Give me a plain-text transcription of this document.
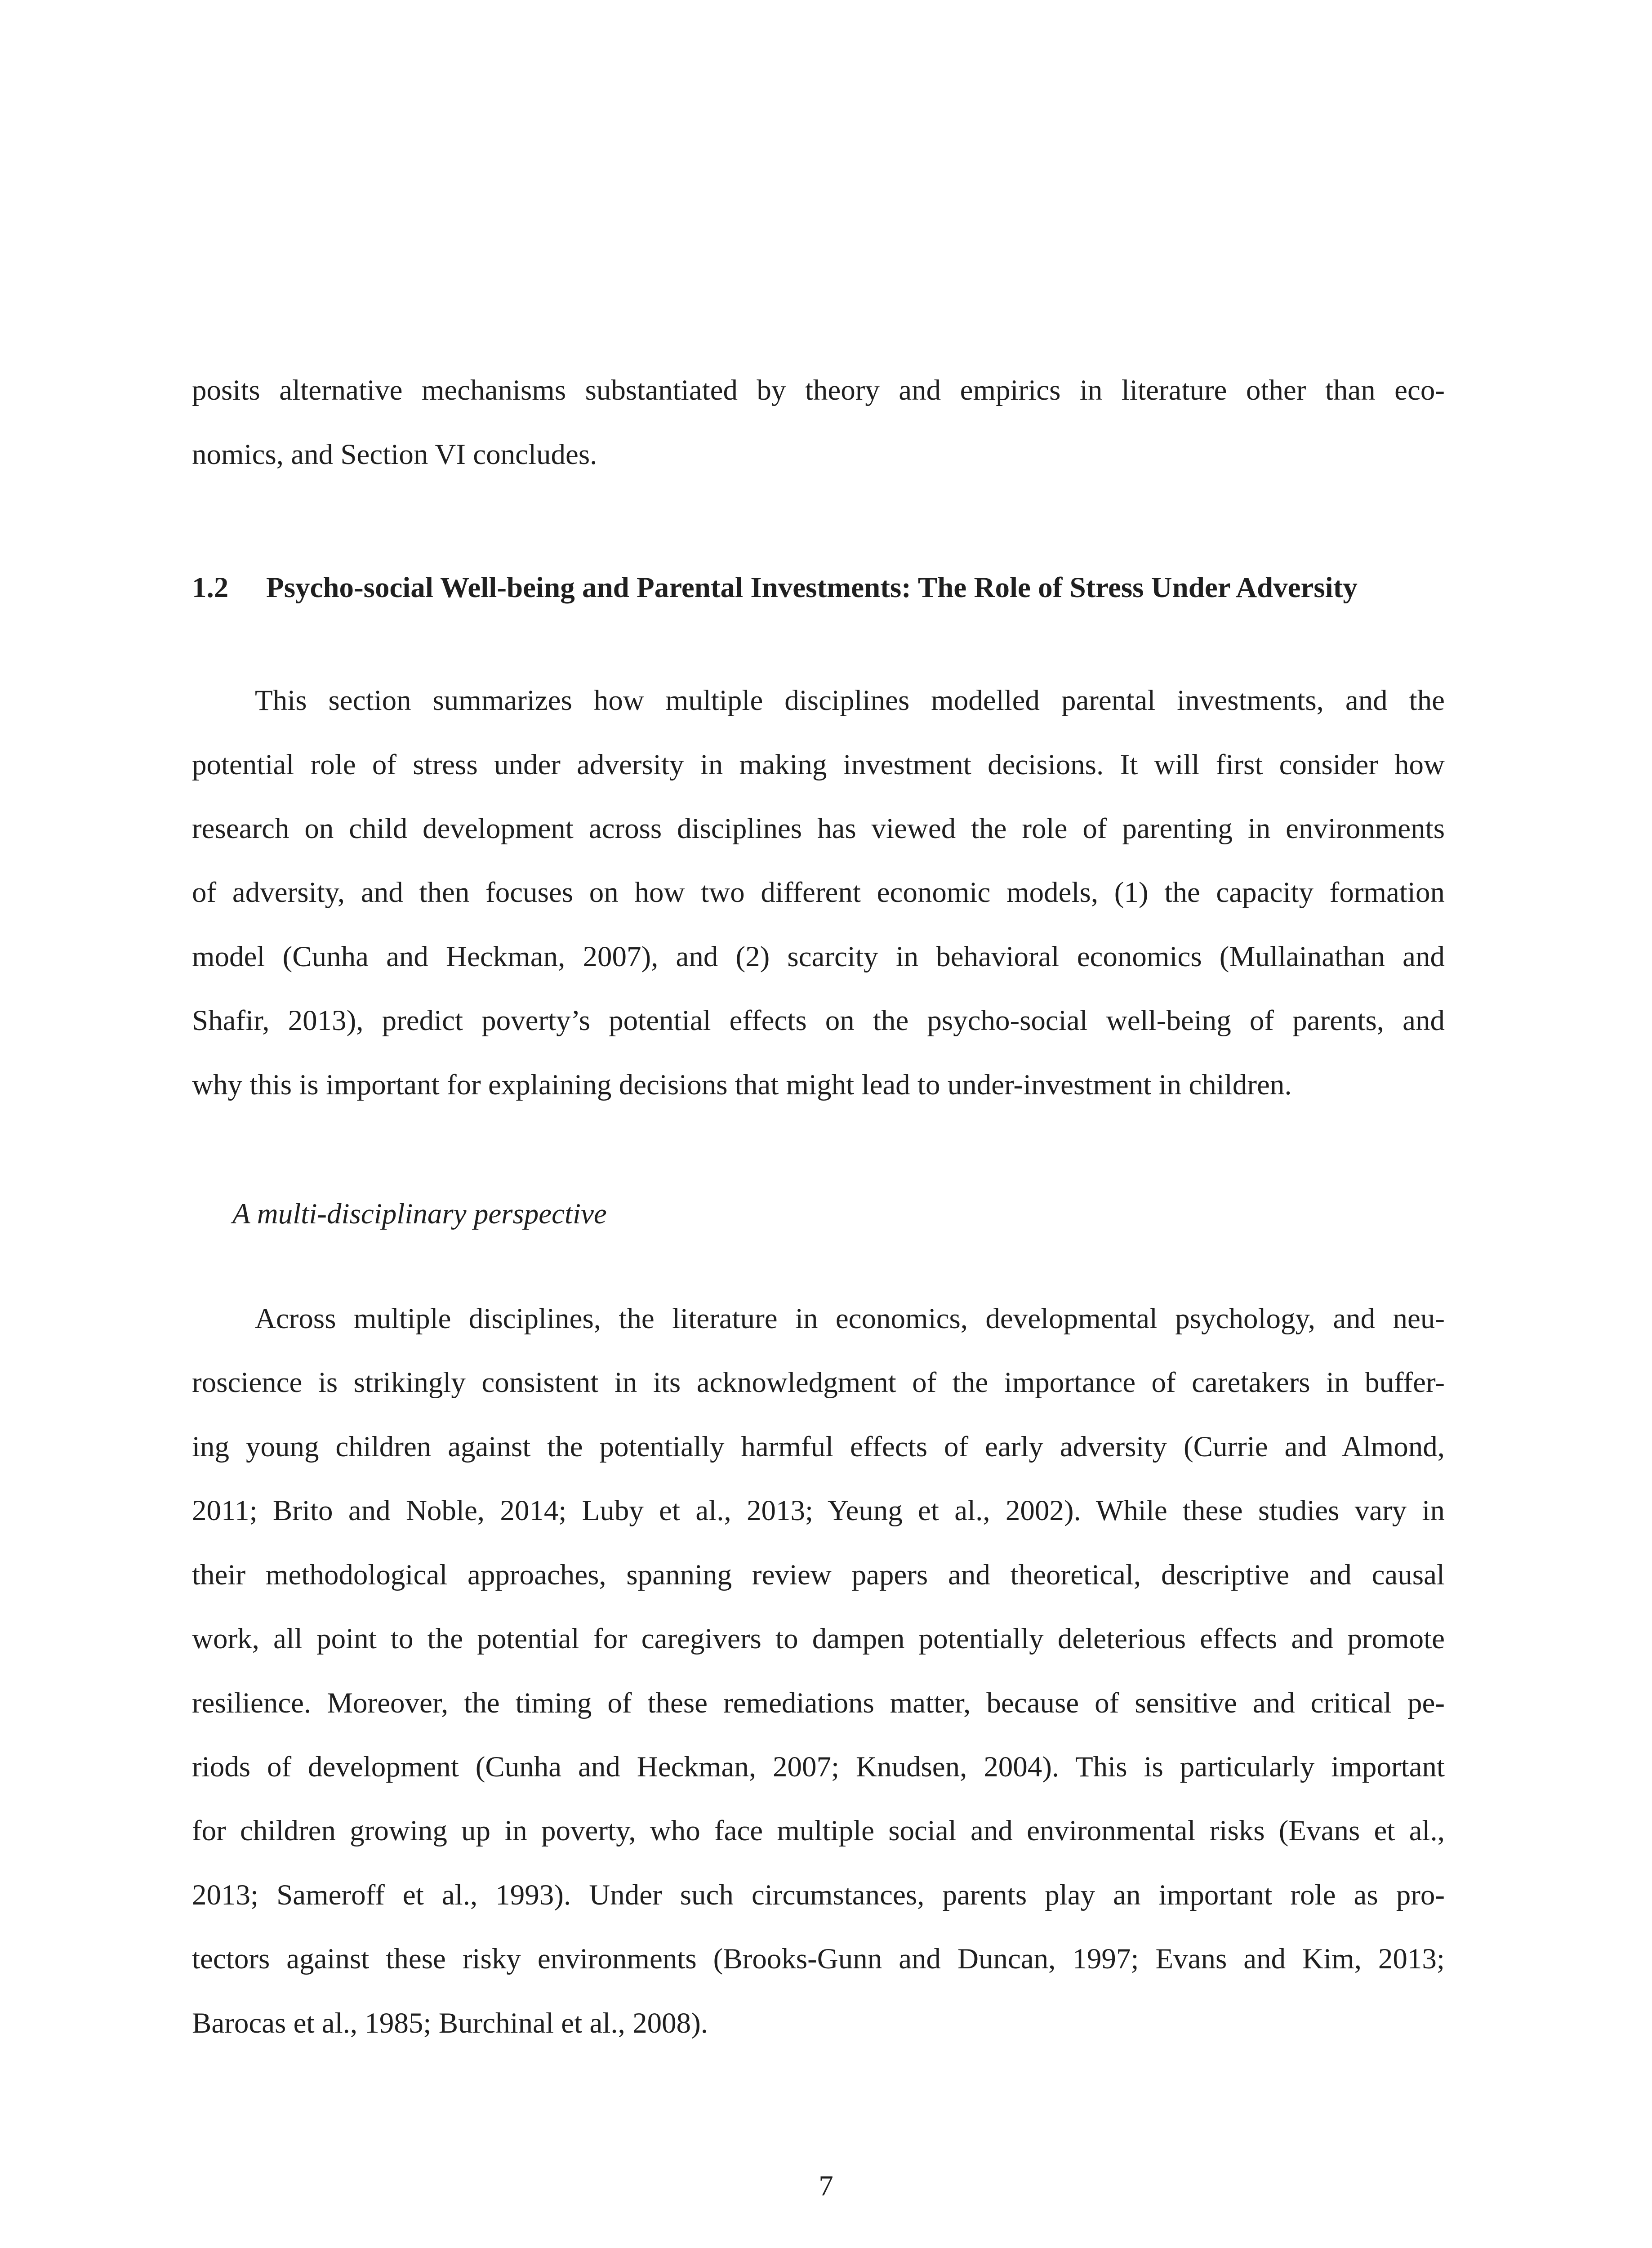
posits alternative mechanisms substantiated by theory and empirics in literature other than eco-
nomics, and Section VI concludes.
1.2 Psycho-social Well-being and Parental Investments: The Role of Stress Under Adversity
This section summarizes how multiple disciplines modelled parental investments, and the
potential role of stress under adversity in making investment decisions. It will first consider how
research on child development across disciplines has viewed the role of parenting in environments
of adversity, and then focuses on how two different economic models, (1) the capacity formation
model (Cunha and Heckman, 2007), and (2) scarcity in behavioral economics (Mullainathan and
Shafir, 2013), predict poverty’s potential effects on the psycho-social well-being of parents, and
why this is important for explaining decisions that might lead to under-investment in children.
A multi-disciplinary perspective
Across multiple disciplines, the literature in economics, developmental psychology, and neu-
roscience is strikingly consistent in its acknowledgment of the importance of caretakers in buffer-
ing young children against the potentially harmful effects of early adversity (Currie and Almond,
2011; Brito and Noble, 2014; Luby et al., 2013; Yeung et al., 2002). While these studies vary in
their methodological approaches, spanning review papers and theoretical, descriptive and causal
work, all point to the potential for caregivers to dampen potentially deleterious effects and promote
resilience. Moreover, the timing of these remediations matter, because of sensitive and critical pe-
riods of development (Cunha and Heckman, 2007; Knudsen, 2004). This is particularly important
for children growing up in poverty, who face multiple social and environmental risks (Evans et al.,
2013; Sameroff et al., 1993). Under such circumstances, parents play an important role as pro-
tectors against these risky environments (Brooks-Gunn and Duncan, 1997; Evans and Kim, 2013;
Barocas et al., 1985; Burchinal et al., 2008).
7
